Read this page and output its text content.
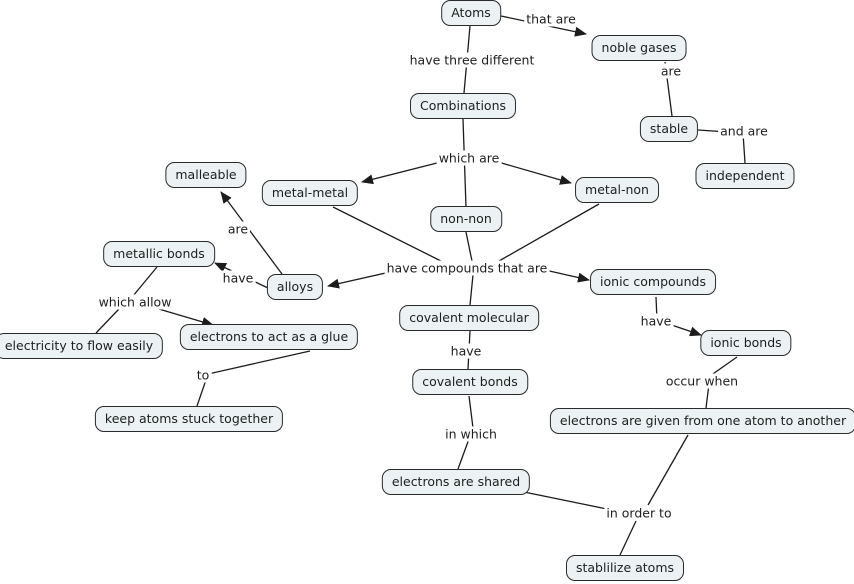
that are
have three different
are
and are
which are
are
have
have compounds that are
which allow
have
have
to	occur when
in which
in order to
Atoms
noble gases
Combinations
stable
independent
malleable
metal-metal	metal-non
non-non
metallic bonds
alloys	ionic compounds
covalent molecular
electricity to flow easily
electrons to act as a glue	ionic bonds
covalent bonds
keep atoms stuck together	electrons are given from one atom to another
electrons are shared
stablilize atoms
